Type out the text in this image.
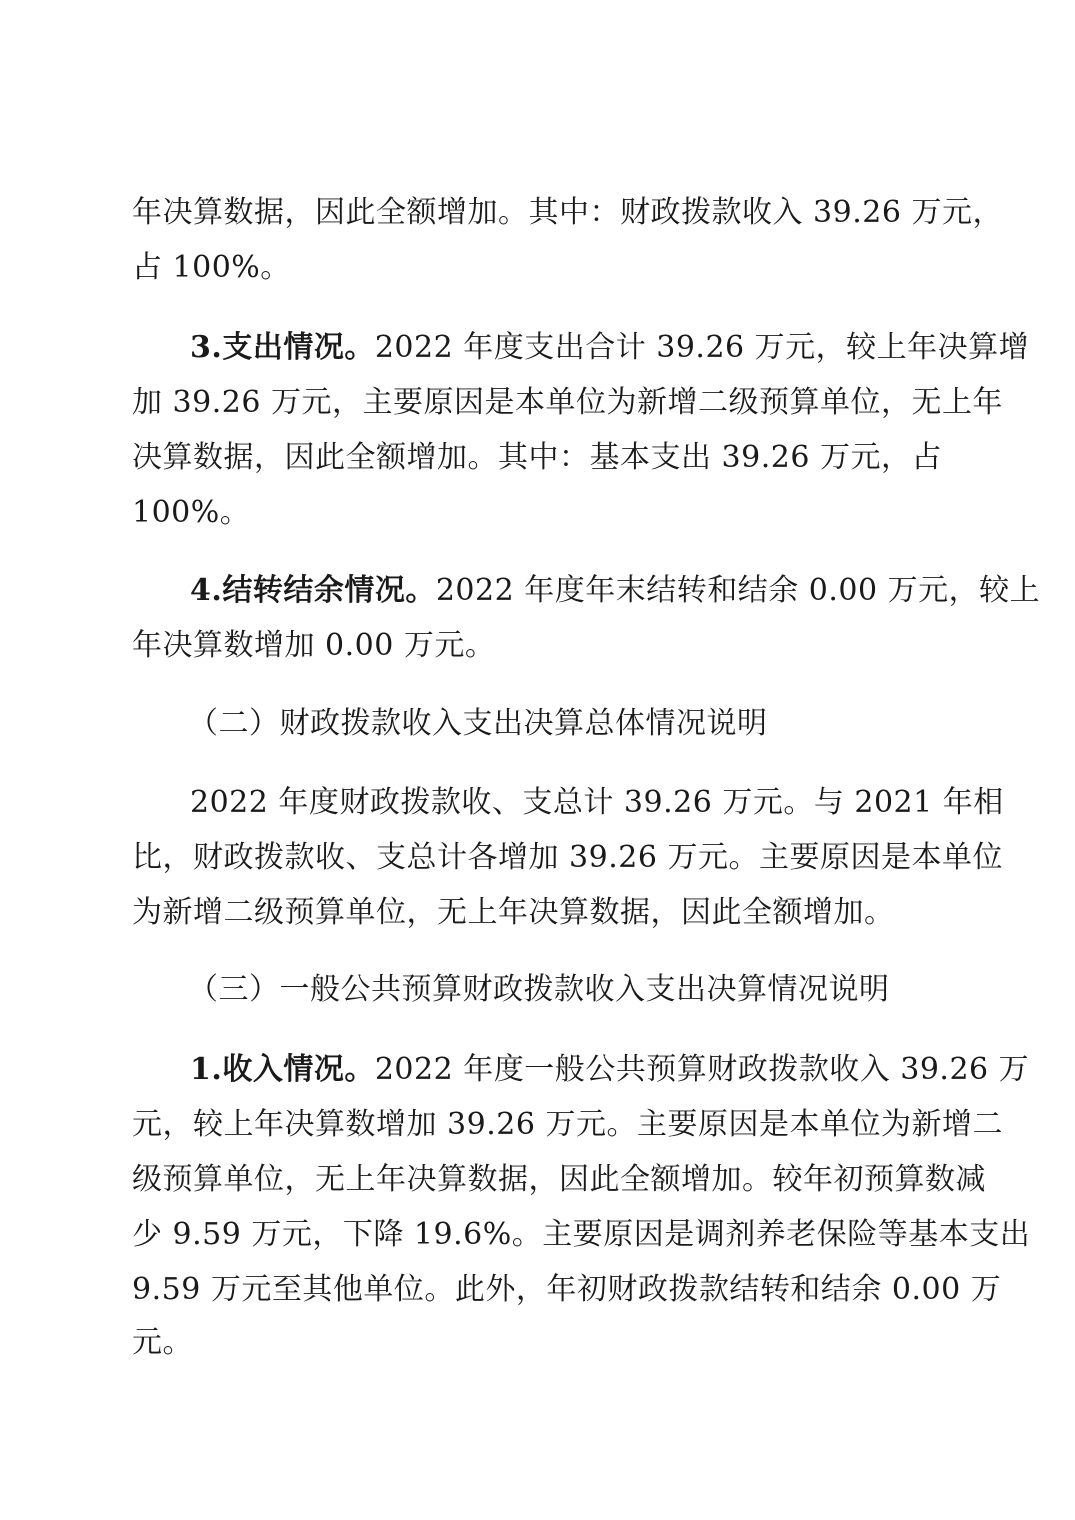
年决算数据，因此全额增加。其中：财政拨款收入 39.26 万元，
占 100%。
3.支出情况。2022 年度支出合计 39.26 万元，较上年决算增
加 39.26 万元，主要原因是本单位为新增二级预算单位，无上年
决算数据，因此全额增加。其中：基本支出 39.26 万元，占
100%。
4.结转结余情况。2022 年度年末结转和结余 0.00 万元，较上
年决算数增加 0.00 万元。
（二）财政拨款收入支出决算总体情况说明
2022 年度财政拨款收、支总计 39.26 万元。与 2021 年相
比，财政拨款收、支总计各增加 39.26 万元。主要原因是本单位
为新增二级预算单位，无上年决算数据，因此全额增加。
（三）一般公共预算财政拨款收入支出决算情况说明
1.收入情况。2022 年度一般公共预算财政拨款收入 39.26 万
元，较上年决算数增加 39.26 万元。主要原因是本单位为新增二
级预算单位，无上年决算数据，因此全额增加。较年初预算数减
少 9.59 万元，下降 19.6%。主要原因是调剂养老保险等基本支出
9.59 万元至其他单位。此外，年初财政拨款结转和结余 0.00 万
元。
